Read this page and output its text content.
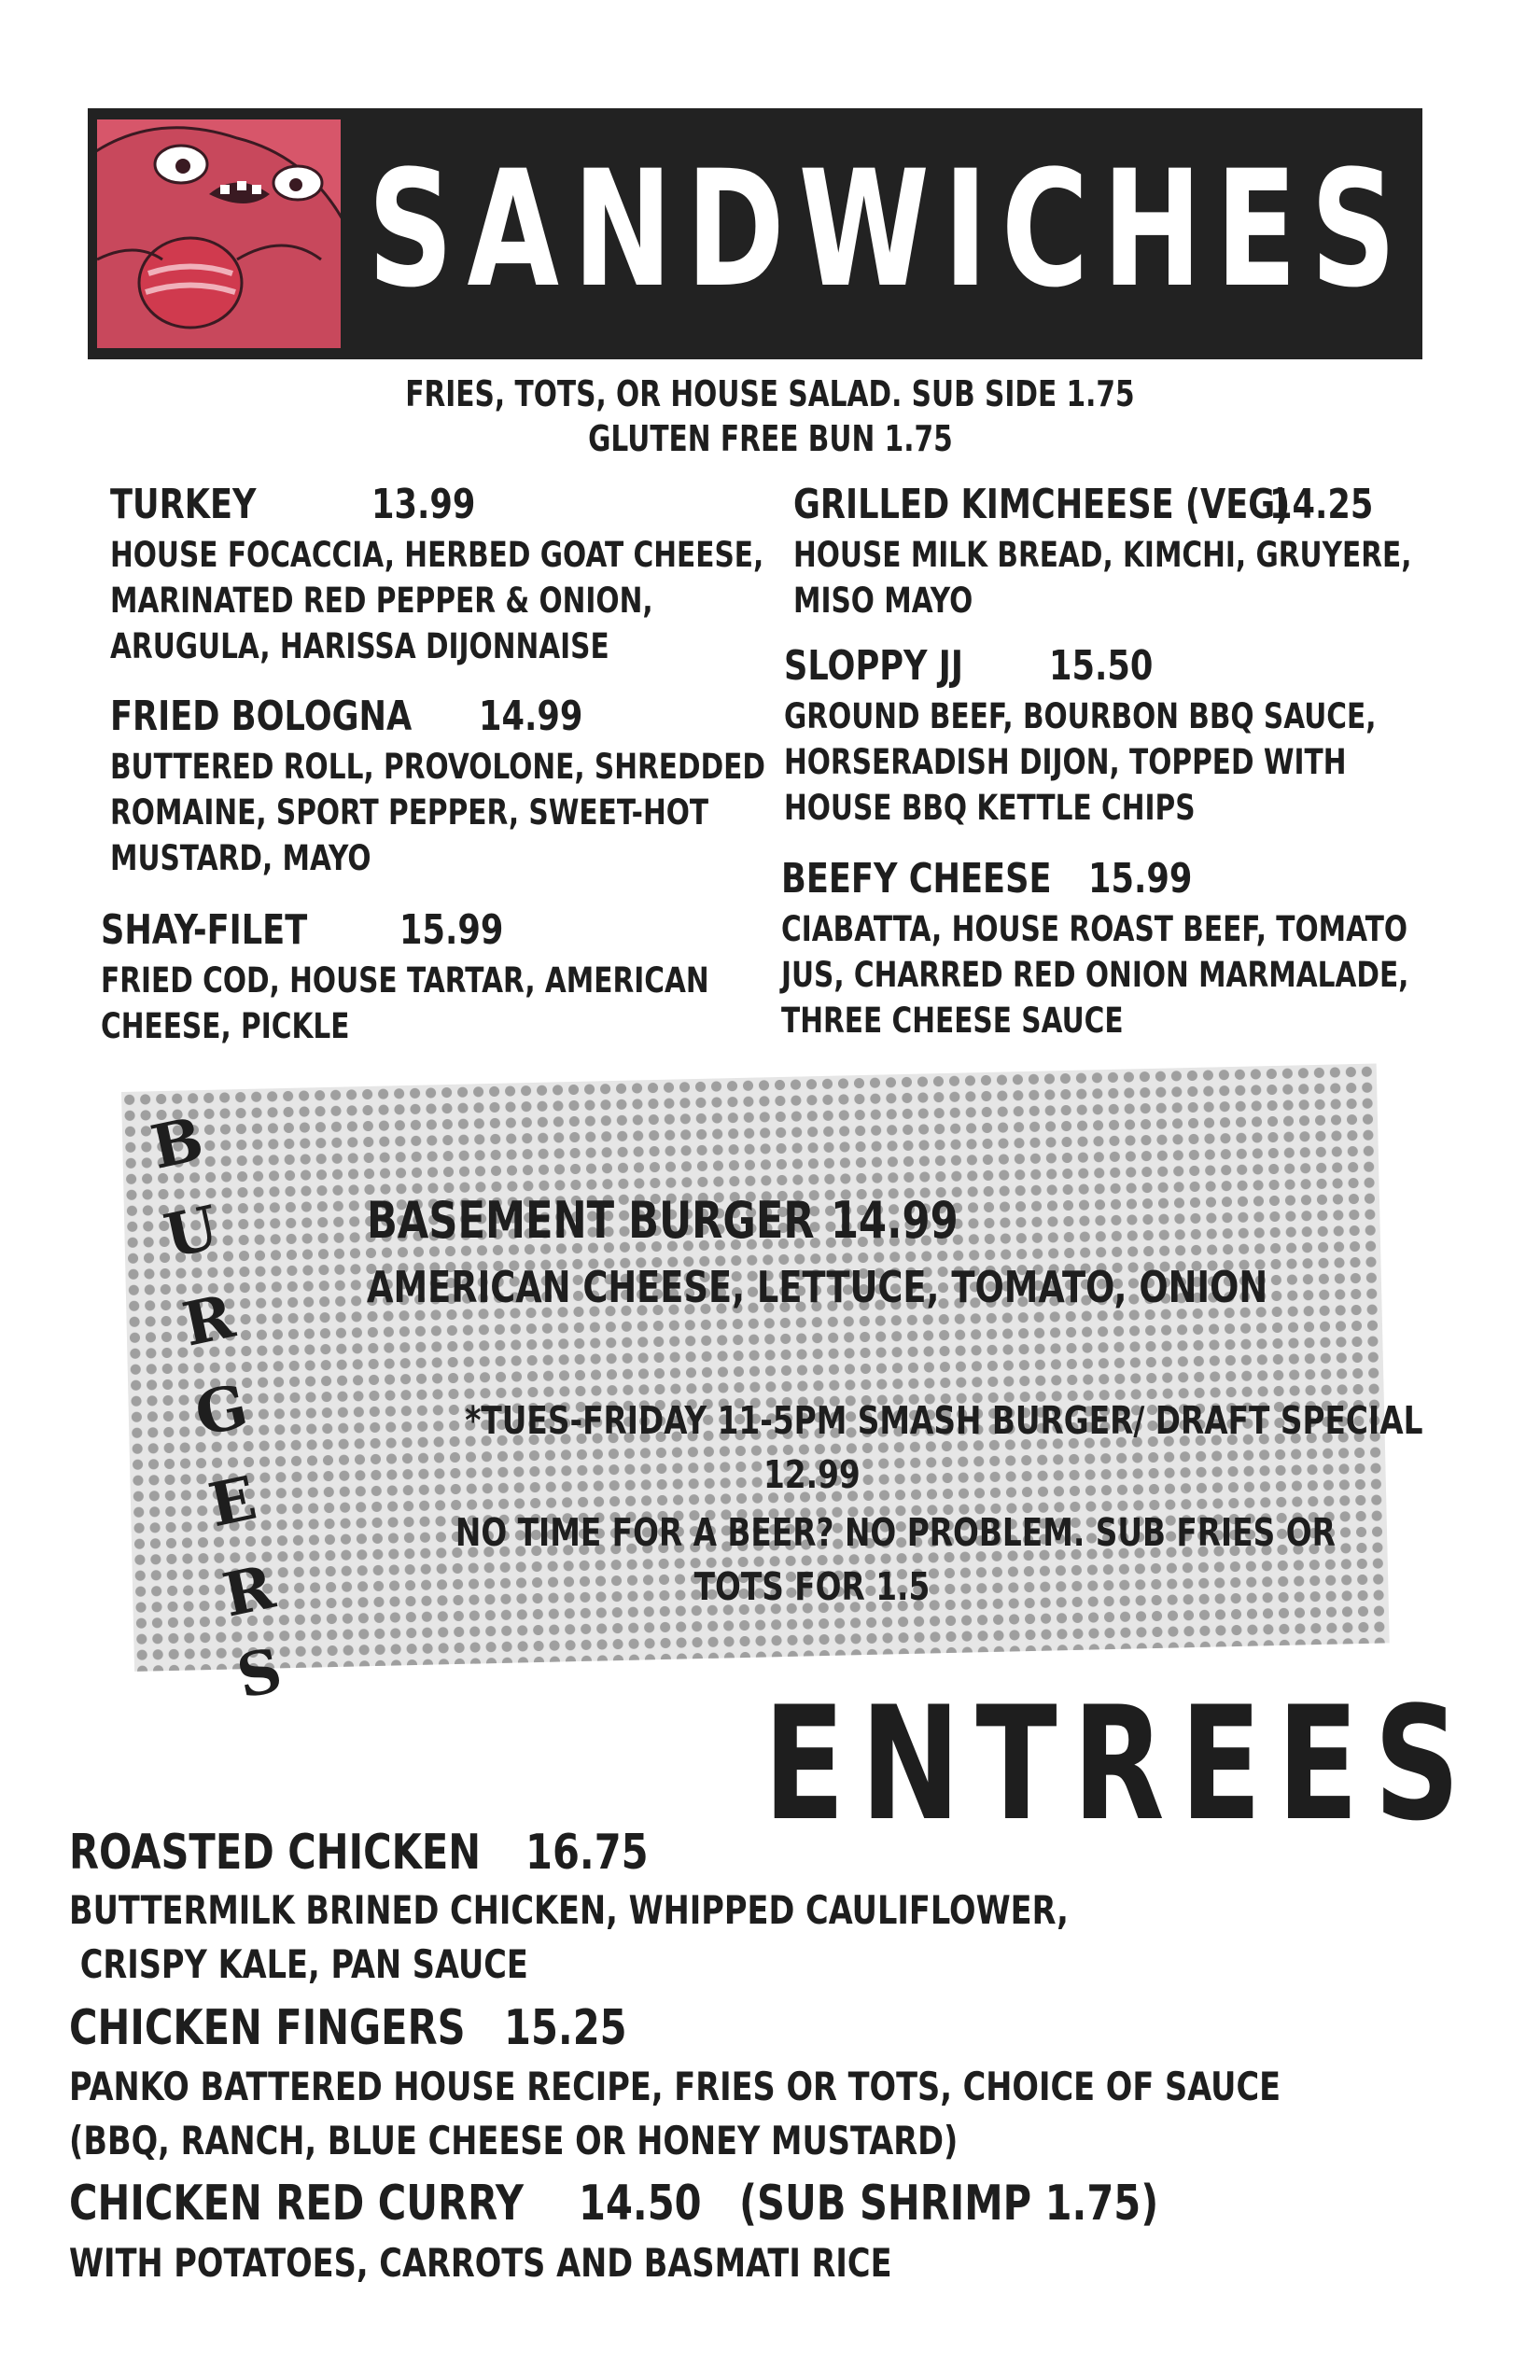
SANDWICHES
FRIES, TOTS, OR HOUSE SALAD. SUB SIDE 1.75
GLUTEN FREE BUN 1.75
TURKEY	13.99
HOUSE FOCACCIA, HERBED GOAT CHEESE,
MARINATED RED PEPPER & ONION,
ARUGULA, HARISSA DIJONNAISE
FRIED BOLOGNA 14.99
BUTTERED ROLL, PROVOLONE, SHREDDED
ROMAINE, SPORT PEPPER, SWEET-HOT
MUSTARD, MAYO
SHAY-FILET 15.99
FRIED COD, HOUSE TARTAR, AMERICAN
CHEESE, PICKLE
GRILLED KIMCHEESE (VEG)
14.25
HOUSE MILK BREAD, KIMCHI, GRUYERE,
MISO MAYO
SLOPPY JJ 15.50
GROUND BEEF, BOURBON BBQ SAUCE,
HORSERADISH DIJON, TOPPED WITH
HOUSE BBQ KETTLE CHIPS
BEEFY CHEESE 15.99
CIABATTA, HOUSE ROAST BEEF, TOMATO
JUS, CHARRED RED ONION MARMALADE,
THREE CHEESE SAUCE
B
U
R
G
E
R
S
BASEMENT BURGER 14.99
AMERICAN CHEESE, LETTUCE, TOMATO, ONION
*TUES-FRIDAY 11-5PM SMASH BURGER/ DRAFT SPECIAL
12.99
NO TIME FOR A BEER? NO PROBLEM. SUB FRIES OR
TOTS FOR 1.5
ENTREES
ROASTED CHICKEN 16.75
BUTTERMILK BRINED CHICKEN, WHIPPED CAULIFLOWER,
CRISPY KALE, PAN SAUCE
CHICKEN FINGERS 15.25
PANKO BATTERED HOUSE RECIPE, FRIES OR TOTS, CHOICE OF SAUCE
(BBQ, RANCH, BLUE CHEESE OR HONEY MUSTARD)
CHICKEN RED CURRY 14.50 (SUB SHRIMP 1.75)
WITH POTATOES, CARROTS AND BASMATI RICE
